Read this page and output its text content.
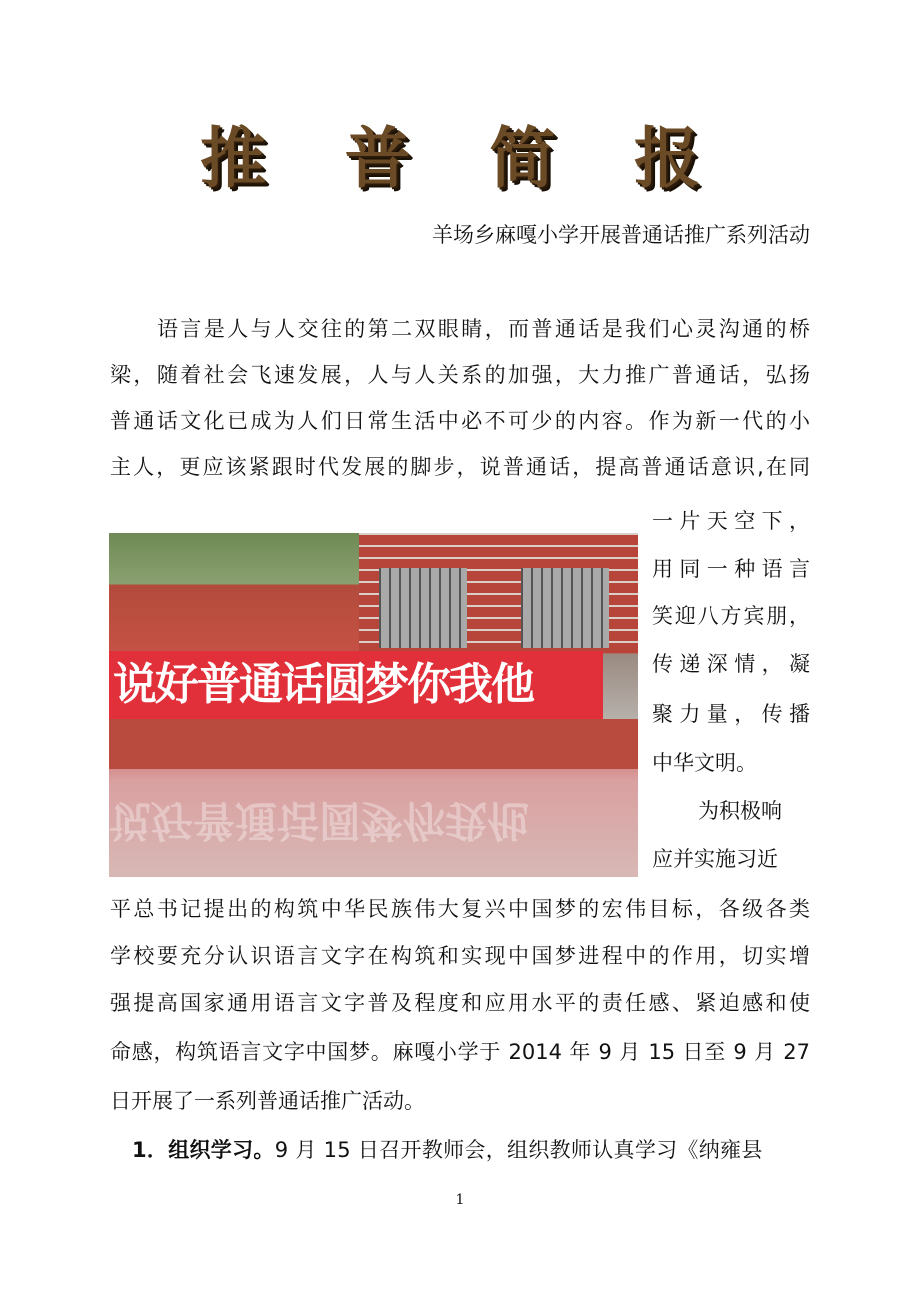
推 普 简 报
羊场乡麻嘎小学开展普通话推广系列活动
语言是人与人交往的第二双眼睛，而普通话是我们心灵沟通的桥
梁，随着社会飞速发展，人与人关系的加强，大力推广普通话，弘扬
普通话文化已成为人们日常生活中必不可少的内容。作为新一代的小
主人，更应该紧跟时代发展的脚步，说普通话，提高普通话意识,在同
说好普通话圆梦你我他
说好普通话圆梦你我他
一片天空下，
用同一种语言
笑迎八方宾朋，
传递深情，凝
聚力量，传播
中华文明。
为积极响
应并实施习近
平总书记提出的构筑中华民族伟大复兴中国梦的宏伟目标，各级各类
学校要充分认识语言文字在构筑和实现中国梦进程中的作用，切实增
强提高国家通用语言文字普及程度和应用水平的责任感、紧迫感和使
命感，构筑语言文字中国梦。麻嘎小学于 2014 年 9 月 15 日至 9 月 27
日开展了一系列普通话推广活动。
1．组织学习。9 月 15 日召开教师会，组织教师认真学习《纳雍县
1
